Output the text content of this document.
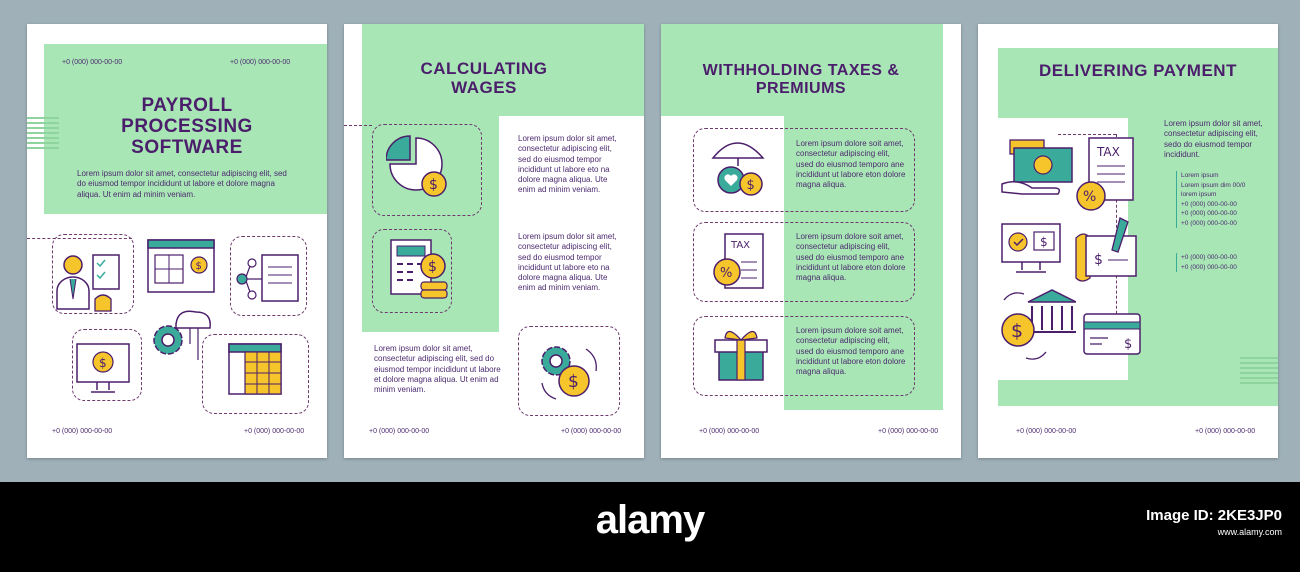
+0 (000) 000-00-00	+0 (000) 000-00-00
PAYROLL PROCESSING SOFTWARE
Lorem ipsum dolor sit amet, consectetur adipiscing elit, sed do eiusmod tempor incididunt ut labore et dolore magna aliqua. Ut enim ad minim veniam.
$
$
+0 (000) 000-00-00	+0 (000) 000-00-00
CALCULATING WAGES
$
$
$
Lorem ipsum dolor sit amet, consectetur adipiscing elit, sed do eiusmod tempor incididunt ut labore eto na dolore magna aliqua. Ute enim ad minim veniam.
Lorem ipsum dolor sit amet, consectetur adipiscing elit, sed do eiusmod tempor incididunt ut labore eto na dolore magna aliqua. Ute enim ad minim veniam.
Lorem ipsum dolor sit amet, consectetur adipiscing elit, sed do eiusmod tempor incididunt ut labore et dolore magna aliqua. Ut enim ad minim veniam.
+0 (000) 000-00-00	+0 (000) 000-00-00
WITHHOLDING TAXES & PREMIUMS
$
TAX
%
Lorem ipsum dolore soit amet, consectetur adipiscing elit, used do eiusmod temporo ane incididunt ut labore eton dolore magna aliqua.
Lorem ipsum dolore soit amet, consectetur adipiscing elit, used do eiusmod temporo ane incididunt ut labore eton dolore magna aliqua.
Lorem ipsum dolore soit amet, consectetur adipiscing elit, used do eiusmod temporo ane incididunt ut labore eton dolore magna aliqua.
+0 (000) 000-00-00	+0 (000) 000-00-00
DELIVERING PAYMENT
Lorem ipsum dolor sit amet, consectetur adipiscing elit, sedo do eiusmod tempor incididunt.
Lorem ipsum
Lorem ipsum dim 00/0
lorem ipsum
+0 (000) 000-00-00
+0 (000) 000-00-00
+0 (000) 000-00-00
+0 (000) 000-00-00
+0 (000) 000-00-00
TAX
%
$
$
$
$
+0 (000) 000-00-00	+0 (000) 000-00-00
alamy	Image ID: 2KE3JP0
www.alamy.com
